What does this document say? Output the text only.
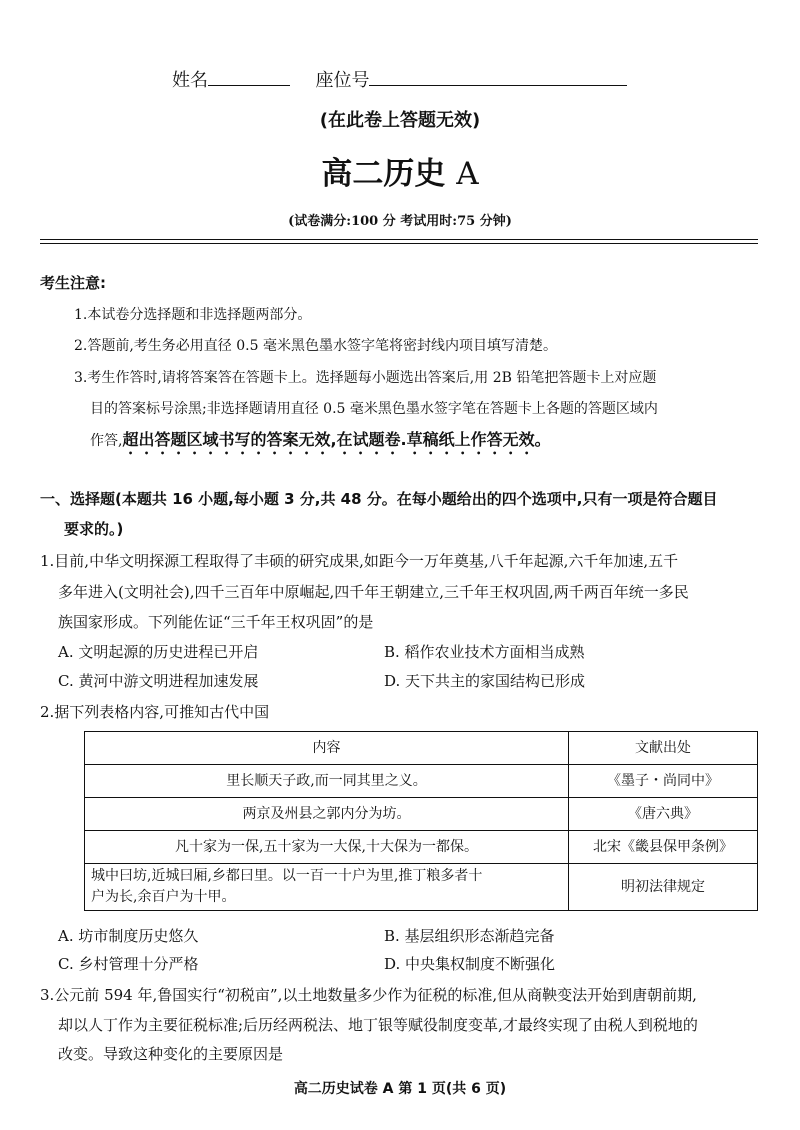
姓名	座位号
(在此卷上答题无效)
高二历史 A
(试卷满分:100 分 考试用时:75 分钟)
考生注意:
1.本试卷分选择题和非选择题两部分。
2.答题前,考生务必用直径 0.5 毫米黑色墨水签字笔将密封线内项目填写清楚。
3.考生作答时,请将答案答在答题卡上。选择题每小题选出答案后,用 2B 铅笔把答题卡上对应题
目的答案标号涂黑;非选择题请用直径 0.5 毫米黑色墨水签字笔在答题卡上各题的答题区域内
作答,超出答题区域书写的答案无效,在试题卷.草稿纸上作答无效。
一、选择题(本题共 16 小题,每小题 3 分,共 48 分。在每小题给出的四个选项中,只有一项是符合题目
要求的。)
1.目前,中华文明探源工程取得了丰硕的研究成果,如距今一万年奠基,八千年起源,六千年加速,五千
多年进入(文明社会),四千三百年中原崛起,四千年王朝建立,三千年王权巩固,两千两百年统一多民
族国家形成。下列能佐证“三千年王权巩固”的是
A. 文明起源的历史进程已开启	B. 稻作农业技术方面相当成熟
C. 黄河中游文明进程加速发展	D. 天下共主的家国结构已形成
2.据下列表格内容,可推知古代中国
内容	文献出处
里长顺天子政,而一同其里之义。	《墨子・尚同中》
两京及州县之郭内分为坊。	《唐六典》
凡十家为一保,五十家为一大保,十大保为一都保。	北宋《畿县保甲条例》

城中曰坊,近城曰厢,乡都曰里。以一百一十户为里,推丁粮多者十
户为长,余百户为十甲。	明初法律规定
A. 坊市制度历史悠久	B. 基层组织形态渐趋完备
C. 乡村管理十分严格	D. 中央集权制度不断强化
3.公元前 594 年,鲁国实行“初税亩”,以土地数量多少作为征税的标准,但从商鞅变法开始到唐朝前期,
却以人丁作为主要征税标准;后历经两税法、地丁银等赋役制度变革,才最终实现了由税人到税地的
改变。导致这种变化的主要原因是
高二历史试卷 A 第 1 页(共 6 页)
